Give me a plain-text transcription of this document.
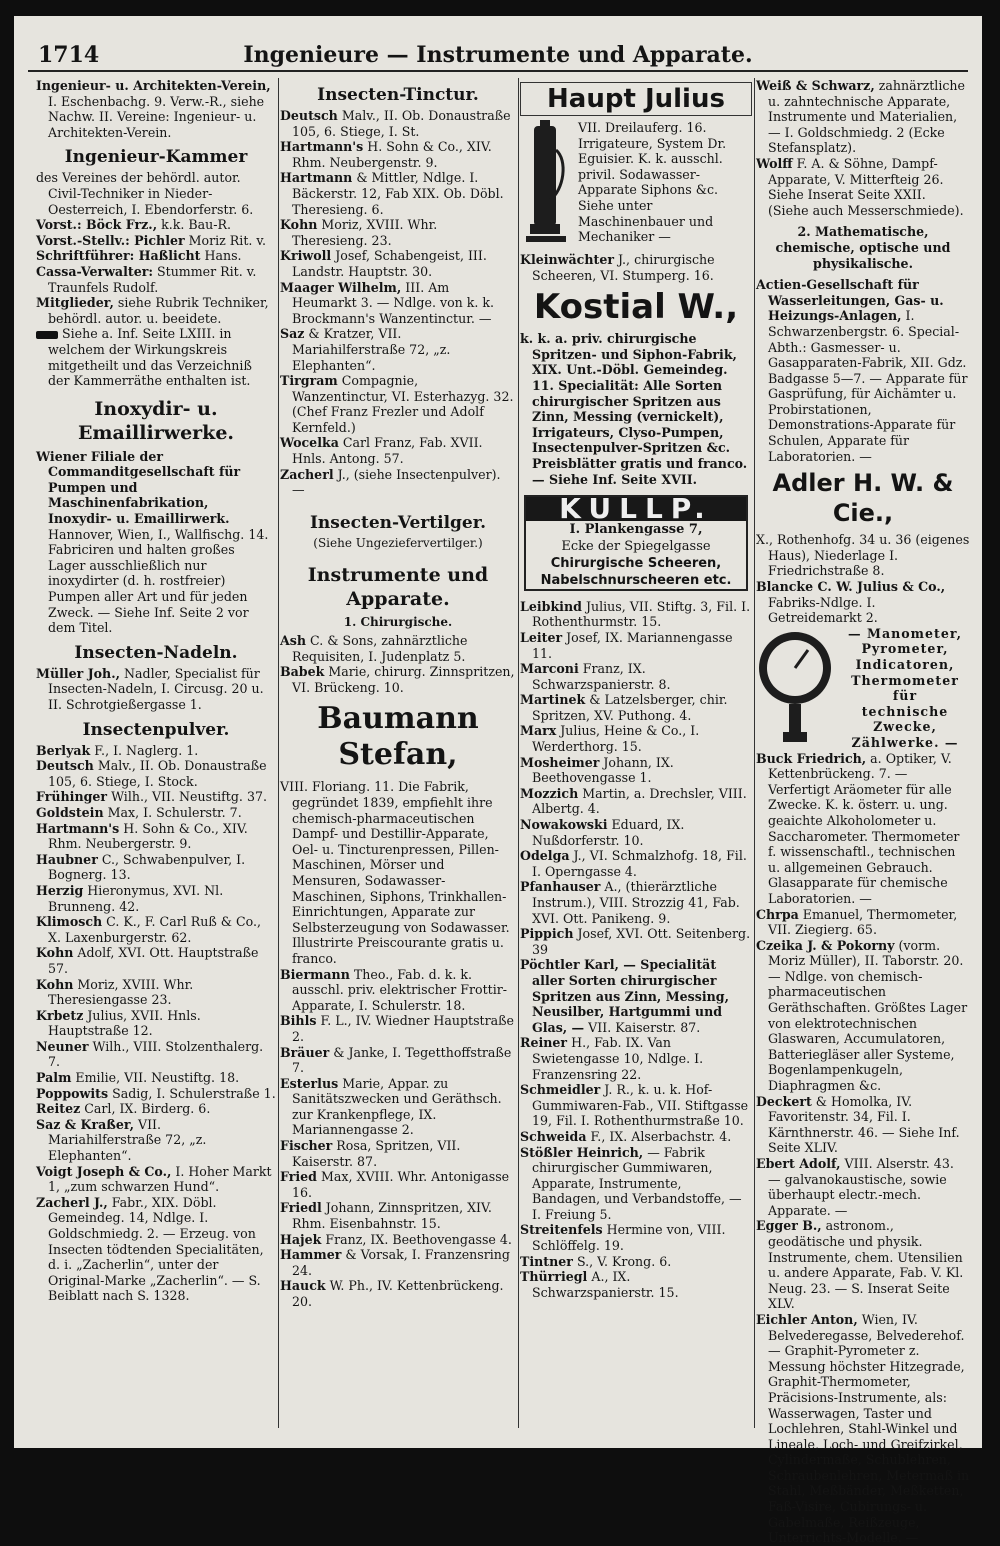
1714	Ingenieure — Instrumente und Apparate.

Ingenieur- u. Architekten-Verein, I. Eschenbachg. 9. Verw.-R., siehe Nachw. II. Vereine: Ingenieur- u. Architekten-Verein.

Ingenieur-Kammer

des Vereines der behördl. autor. Civil-Techniker in Nieder-Oesterreich, I. Ebendorferstr. 6.

Vorst.: Böck Frz., k.k. Bau-R.

Vorst.-Stellv.: Pichler Moriz Rit. v.

Schriftführer: Haßlicht Hans.

Cassa-Verwalter: Stummer Rit. v. Traunfels Rudolf.

Mitglieder, siehe Rubrik Techniker, behördl. autor. u. beeidete.

Siehe a. Inf. Seite LXIII. in welchem der Wirkungskreis mitgetheilt und das Verzeichniß der Kammerräthe enthalten ist.

Inoxydir- u. Emaillirwerke.

Wiener Filiale der Commanditgesellschaft für Pumpen und Maschinenfabrikation, Inoxydir- u. Emaillirwerk. Hannover, Wien, I., Wallfischg. 14. Fabriciren und halten großes Lager ausschließlich nur inoxydirter (d. h. rostfreier) Pumpen aller Art und für jeden Zweck. — Siehe Inf. Seite 2 vor dem Titel.

Insecten-Nadeln.

Müller Joh., Nadler, Specialist für Insecten-Nadeln, I. Circusg. 20 u. II. Schrotgießergasse 1.

Insectenpulver.

Berlyak F., I. Naglerg. 1.

Deutsch Malv., II. Ob. Donaustraße 105, 6. Stiege, I. Stock.

Frühinger Wilh., VII. Neustiftg. 37.

Goldstein Max, I. Schulerstr. 7.

Hartmann's H. Sohn & Co., XIV. Rhm. Neubergerstr. 9.

Haubner C., Schwabenpulver, I. Bognerg. 13.

Herzig Hieronymus, XVI. Nl. Brunneng. 42.

Klimosch C. K., F. Carl Ruß & Co., X. Laxenburgerstr. 62.

Kohn Adolf, XVI. Ott. Hauptstraße 57.

Kohn Moriz, XVIII. Whr. Theresiengasse 23.

Krbetz Julius, XVII. Hnls. Hauptstraße 12.

Neuner Wilh., VIII. Stolzenthalerg. 7.

Palm Emilie, VII. Neustiftg. 18.

Poppowits Sadig, I. Schulerstraße 1.

Reitez Carl, IX. Birderg. 6.

Saz & Kraßer, VII. Mariahilferstraße 72, „z. Elephanten“.

Voigt Joseph & Co., I. Hoher Markt 1, „zum schwarzen Hund“.

Zacherl J., Fabr., XIX. Döbl. Gemeindeg. 14, Ndlge. I. Goldschmiedg. 2. — Erzeug. von Insecten tödtenden Specialitäten, d. i. „Zacherlin“, unter der Original-Marke „Zacherlin“. — S. Beiblatt nach S. 1328.

Insecten-Tinctur.

Deutsch Malv., II. Ob. Donaustraße 105, 6. Stiege, I. St.

Hartmann's H. Sohn & Co., XIV. Rhm. Neubergenstr. 9.

Hartmann & Mittler, Ndlge. I. Bäckerstr. 12, Fab XIX. Ob. Döbl. Theresieng. 6.

Kohn Moriz, XVIII. Whr. Theresieng. 23.

Kriwoll Josef, Schabengeist, III. Landstr. Hauptstr. 30.

Maager Wilhelm, III. Am Heumarkt 3. — Ndlge. von k. k. Brockmann's Wanzentinctur. —

Saz & Kratzer, VII. Mariahilferstraße 72, „z. Elephanten“.

Tirgram Compagnie, Wanzentinctur, VI. Esterhazyg. 32. (Chef Franz Frezler und Adolf Kernfeld.)

Wocelka Carl Franz, Fab. XVII. Hnls. Antong. 57.

Zacherl J., (siehe Insectenpulver). —

Insecten-Vertilger.
(Siehe Ungeziefervertilger.)
Instrumente und Apparate.
1. Chirurgische.

Ash C. & Sons, zahnärztliche Requisiten, I. Judenplatz 5.

Babek Marie, chirurg. Zinnspritzen, VI. Brückeng. 10.

Baumann Stefan,

VIII. Floriang. 11. Die Fabrik, gegründet 1839, empfiehlt ihre chemisch-pharmaceutischen Dampf- und Destillir-Apparate, Oel- u. Tincturenpressen, Pillen-Maschinen, Mörser und Mensuren, Sodawasser-Maschinen, Siphons, Trinkhallen-Einrichtungen, Apparate zur Selbsterzeugung von Sodawasser. Illustrirte Preiscourante gratis u. franco.

Biermann Theo., Fab. d. k. k. ausschl. priv. elektrischer Frottir-Apparate, I. Schulerstr. 18.

Bihls F. L., IV. Wiedner Hauptstraße 2.

Bräuer & Janke, I. Tegetthoffstraße 7.

Esterlus Marie, Appar. zu Sanitätszwecken und Geräthsch. zur Krankenpflege, IX. Mariannengasse 2.

Fischer Rosa, Spritzen, VII. Kaiserstr. 87.

Fried Max, XVIII. Whr. Antonigasse 16.

Friedl Johann, Zinnspritzen, XIV. Rhm. Eisenbahnstr. 15.

Hajek Franz, IX. Beethovengasse 4.

Hammer & Vorsak, I. Franzensring 24.

Hauck W. Ph., IV. Kettenbrückeng. 20.

Haupt Julius

VII. Dreilauferg. 16. Irrigateure, System Dr. Eguisier. K. k. ausschl. privil. Sodawasser-Apparate Siphons &c. Siehe unter Maschinenbauer und Mechaniker —

Kleinwächter J., chirurgische Scheeren, VI. Stumperg. 16.

Kostial W.,

k. k. a. priv. chirurgische Spritzen- und Siphon-Fabrik, XIX. Unt.-Döbl. Gemeindeg. 11. Specialität: Alle Sorten chirurgischer Spritzen aus Zinn, Messing (vernickelt), Irrigateurs, Clyso-Pumpen, Insectenpulver-Spritzen &c. Preisblätter gratis und franco. — Siehe Inf. Seite XVII.

KULLP.
I. Plankengasse 7,
Ecke der Spiegelgasse
Chirurgische Scheeren,
Nabelschnurscheeren etc.

Leibkind Julius, VII. Stiftg. 3, Fil. I. Rothenthurmstr. 15.

Leiter Josef, IX. Mariannengasse 11.

Marconi Franz, IX. Schwarzspanierstr. 8.

Martinek & Latzelsberger, chir. Spritzen, XV. Puthong. 4.

Marx Julius, Heine & Co., I. Werderthorg. 15.

Mosheimer Johann, IX. Beethovengasse 1.

Mozzich Martin, a. Drechsler, VIII. Albertg. 4.

Nowakowski Eduard, IX. Nußdorferstr. 10.

Odelga J., VI. Schmalzhofg. 18, Fil. I. Operngasse 4.

Pfanhauser A., (thierärztliche Instrum.), VIII. Strozzig 41, Fab. XVI. Ott. Panikeng. 9.

Pippich Josef, XVI. Ott. Seitenberg. 39

Pöchtler Karl, — Specialität aller Sorten chirurgischer Spritzen aus Zinn, Messing, Neusilber, Hartgummi und Glas, — VII. Kaiserstr. 87.

Reiner H., Fab. IX. Van Swietengasse 10, Ndlge. I. Franzensring 22.

Schmeidler J. R., k. u. k. Hof-Gummiwaren-Fab., VII. Stiftgasse 19, Fil. I. Rothenthurmstraße 10.

Schweida F., IX. Alserbachstr. 4.

Stößler Heinrich, — Fabrik chirurgischer Gummiwaren, Apparate, Instrumente, Bandagen, und Verbandstoffe, — I. Freiung 5.

Streitenfels Hermine von, VIII. Schlöffelg. 19.

Tintner S., V. Krong. 6.

Thürriegl A., IX. Schwarzspanierstr. 15.

Weiß & Schwarz, zahnärztliche u. zahntechnische Apparate, Instrumente und Materialien, — I. Goldschmiedg. 2 (Ecke Stefansplatz).

Wolff F. A. & Söhne, Dampf-Apparate, V. Mitterfteig 26. Siehe Inserat Seite XXII. (Siehe auch Messerschmiede).

2. Mathematische, chemische, optische und physikalische.

Actien-Gesellschaft für Wasserleitungen, Gas- u. Heizungs-Anlagen, I. Schwarzenbergstr. 6. Special-Abth.: Gasmesser- u. Gasapparaten-Fabrik, XII. Gdz. Badgasse 5—7. — Apparate für Gasprüfung, für Aichämter u. Probirstationen, Demonstrations-Apparate für Schulen, Apparate für Laboratorien. —

Adler H. W. & Cie.,

X., Rothenhofg. 34 u. 36 (eigenes Haus), Niederlage I. Friedrichstraße 8.

Blancke C. W. Julius & Co., Fabriks-Ndlge. I. Getreidemarkt 2.

— Manometer,
Pyrometer,
Indicatoren,
Thermometer
für
technische
Zwecke,
Zählwerke. —

Buck Friedrich, a. Optiker, V. Kettenbrückeng. 7. — Verfertigt Aräometer für alle Zwecke. K. k. österr. u. ung. geaichte Alkoholometer u. Saccharometer. Thermometer f. wissenschaftl., technischen u. allgemeinen Gebrauch. Glasapparate für chemische Laboratorien. —

Chrpa Emanuel, Thermometer, VII. Ziegierg. 65.

Czeika J. & Pokorny (vorm. Moriz Müller), II. Taborstr. 20. — Ndlge. von chemisch-pharmaceutischen Geräthschaften. Größtes Lager von elektrotechnischen Glaswaren, Accumulatoren, Batteriegläser aller Systeme, Bogenlampenkugeln, Diaphragmen &c.

Deckert & Homolka, IV. Favoritenstr. 34, Fil. I. Kärnthnerstr. 46. — Siehe Inf. Seite XLIV.

Ebert Adolf, VIII. Alserstr. 43. — galvanokaustische, sowie überhaupt electr.-mech. Apparate. —

Egger B., astronom., geodätische und physik. Instrumente, chem. Utensilien u. andere Apparate, Fab. V. Kl. Neug. 23. — S. Inserat Seite XLV.

Eichler Anton, Wien, IV. Belvederegasse, Belvederehof. — Graphit-Pyrometer z. Messung höchster Hitzegrade, Graphit-Thermometer, Präcisions-Instrumente, als: Wasserwagen, Taster und Lochlehren, Stahl-Winkel und Lineale, Loch- und Greifzirkel, Cylindermaße, Schublehren, Schraubenlehren, Metermaß in Stahl, Meßbänder, Meßketten, Faß-Visire, Cubirungs- u. Gabelmaße, Reißzeuge, Unterrichts-Modelle. —
